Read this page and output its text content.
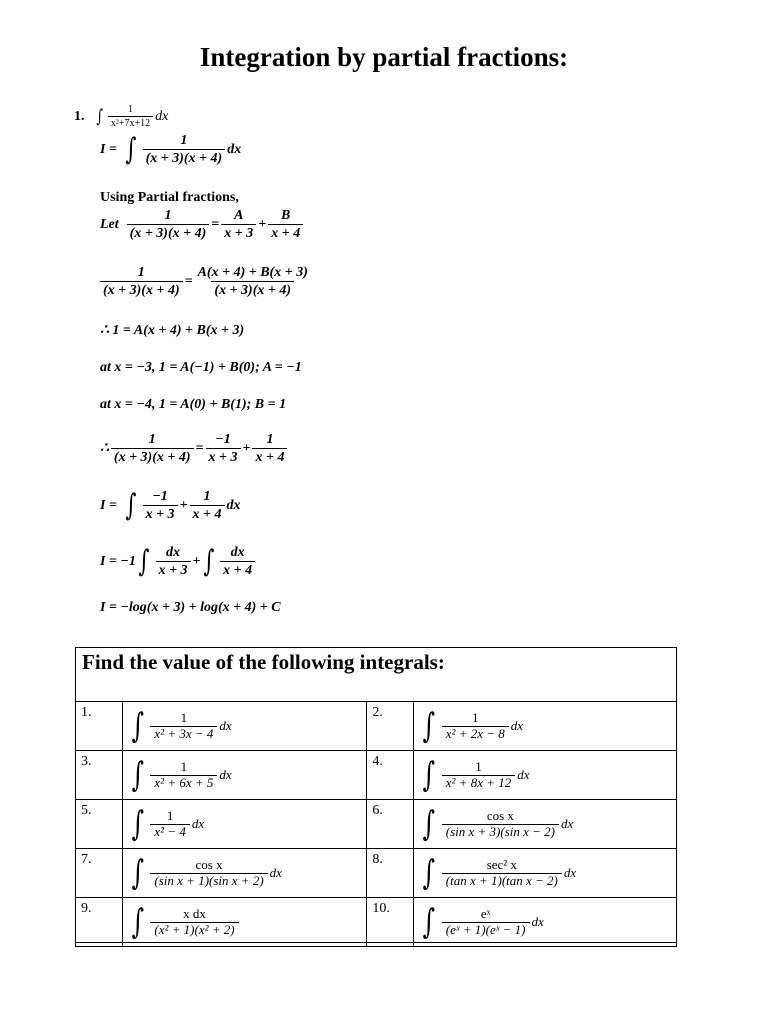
Integration by partial fractions:
1. ∫ $\frac{1}{\text{x²+7x+12}}$ dx
I = ∫ $\frac{1}{(x + 3)(x + 4)}$ dx
Using Partial fractions,
Let $\frac{1}{(x + 3)(x + 4)} = \frac{A}{x + 3} + \frac{B}{x + 4}$
$\frac{1}{(x + 3)(x + 4)} = \frac{A(x + 4) + B(x + 3)}{(x + 3)(x + 4)}$
∴ 1 = A(x + 4) + B(x + 3)
at x = −3, 1 = A(−1) + B(0); A = −1
at x = −4, 1 = A(0) + B(1); B = 1
∴ $\frac{1}{(x + 3)(x + 4)} = \frac{-1}{x + 3} + \frac{1}{x + 4}$
I = ∫ $\frac{-1}{x + 3} + \frac{1}{x + 4}$ dx
I = −1 ∫ $\frac{dx}{x + 3}$ + ∫ $\frac{dx}{x + 4}$
I = −log(x + 3) + log(x + 4) + C
Find the value of the following integrals:
1.	∫ $\frac{1}{\text{x² + 3x − 4}}$ dx	2.	∫ $\frac{1}{\text{x² + 2x − 8}}$ dx

3.	∫ $\frac{1}{\text{x² + 6x + 5}}$ dx	4.	∫ $\frac{1}{\text{x² + 8x + 12}}$ dx

5.	∫ $\frac{1}{\text{x² − 4}}$ dx	6.	∫ $\frac{\text{cos x}}{\text{(sin x + 3)(sin x − 2)}}$ dx

7.	∫ $\frac{\text{cos x}}{\text{(sin x + 1)(sin x + 2)}}$ dx	8.	∫ $\frac{\text{sec² x}}{\text{(tan x + 1)(tan x − 2)}}$ dx

9.	∫ $\frac{\text{x dx}}{\text{(x² + 1)(x² + 2)}}$	10.	∫ $\frac{\text{eˣ}}{\text{(eˣ + 1)(eˣ − 1)}}$ dx
